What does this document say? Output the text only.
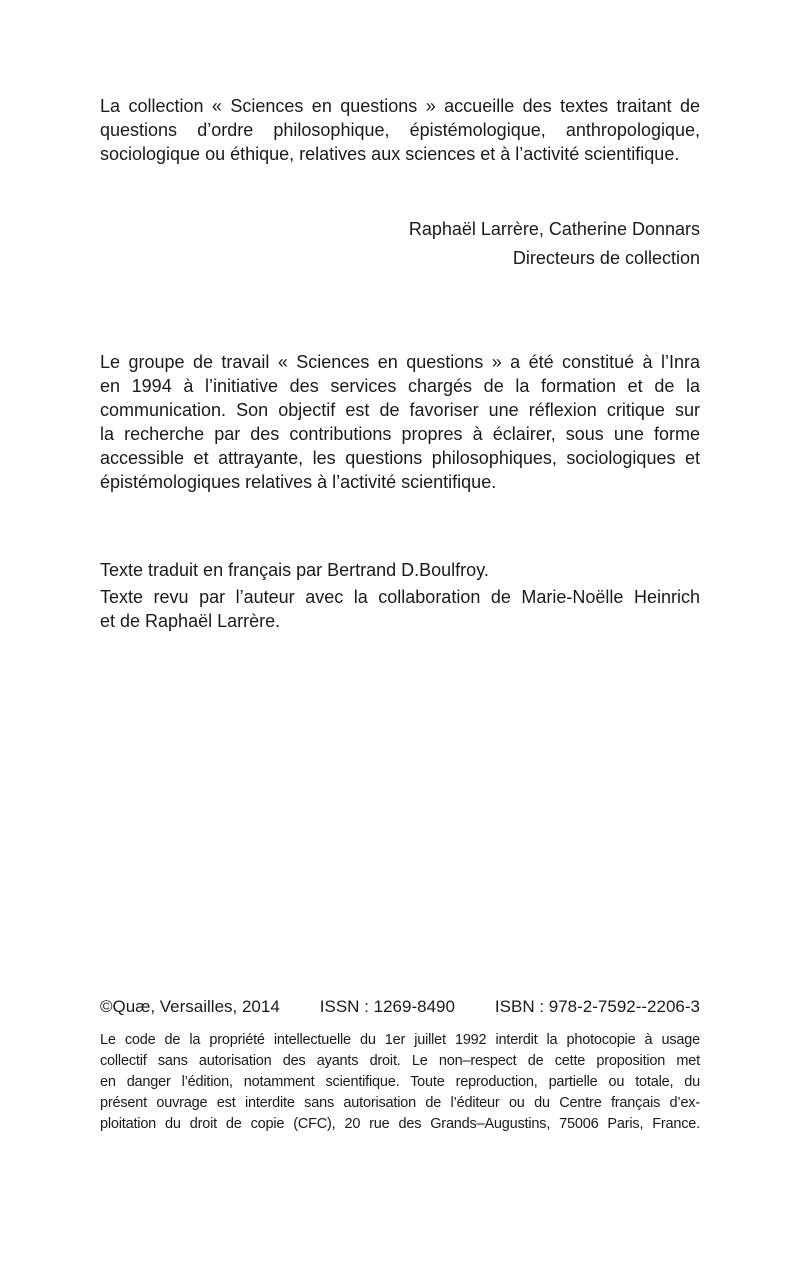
La collection « Sciences en questions » accueille des textes traitant de
questions d’ordre philosophique, épistémologique, anthropologique,
sociologique ou éthique, relatives aux sciences et à l’activité scientifique.

Raphaël Larrère, Catherine Donnars
Directeurs de collection

Le groupe de travail « Sciences en questions » a été constitué à l’Inra
en 1994 à l’initiative des services chargés de la formation et de la
communication. Son objectif est de favoriser une réflexion critique sur
la recherche par des contributions propres à éclairer, sous une forme
accessible et attrayante, les questions philosophiques, sociologiques et
épistémologiques relatives à l’activité scientifique.

Texte traduit en français par Bertrand D.Boulfroy.

Texte revu par l’auteur avec la collaboration de Marie-Noëlle Heinrich
et de Raphaël Larrère.

©Quæ, Versailles, 2014 ISSN : 1269-8490 ISBN : 978-2-7592--2206-3

Le code de la propriété intellectuelle du 1er juillet 1992 interdit la photocopie à usage
collectif sans autorisation des ayants droit. Le non–respect de cette proposition met
en danger l’édition, notamment scientifique. Toute reproduction, partielle ou totale, du
présent ouvrage est interdite sans autorisation de l’éditeur ou du Centre français d’ex-
ploitation du droit de copie (CFC), 20 rue des Grands–Augustins, 75006 Paris, France.
